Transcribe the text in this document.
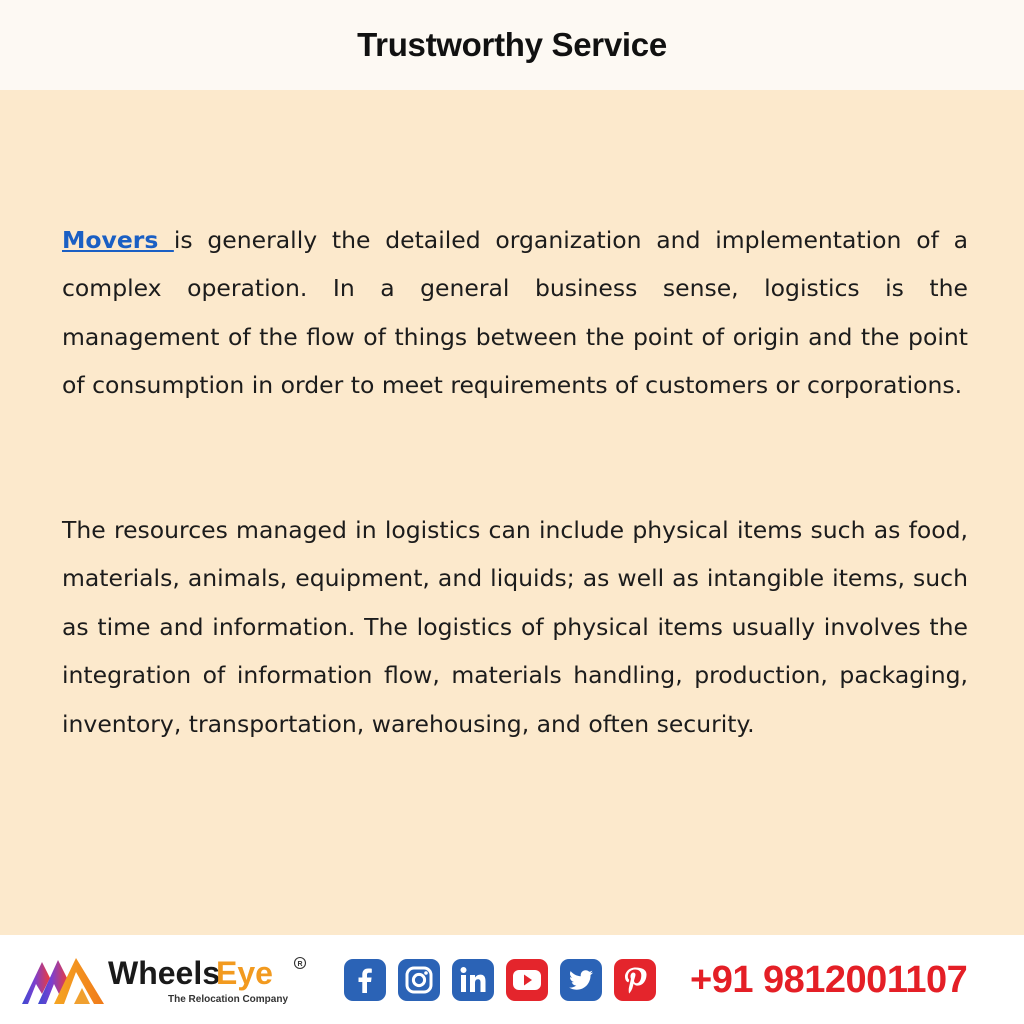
Trustworthy Service

Movers is generally the detailed organization and implementation of a complex operation. In a general business sense, logistics is the management of the flow of things between the point of origin and the point of consumption in order to meet requirements of customers or corporations.

The resources managed in logistics can include physical items such as food, materials, animals, equipment, and liquids; as well as intangible items, such as time and information. The logistics of physical items usually involves the integration of information flow, materials handling, production, packaging, inventory, transportation, warehousing, and often security.

Wheels
Eye	R
The Relocation Company	+91 9812001107
